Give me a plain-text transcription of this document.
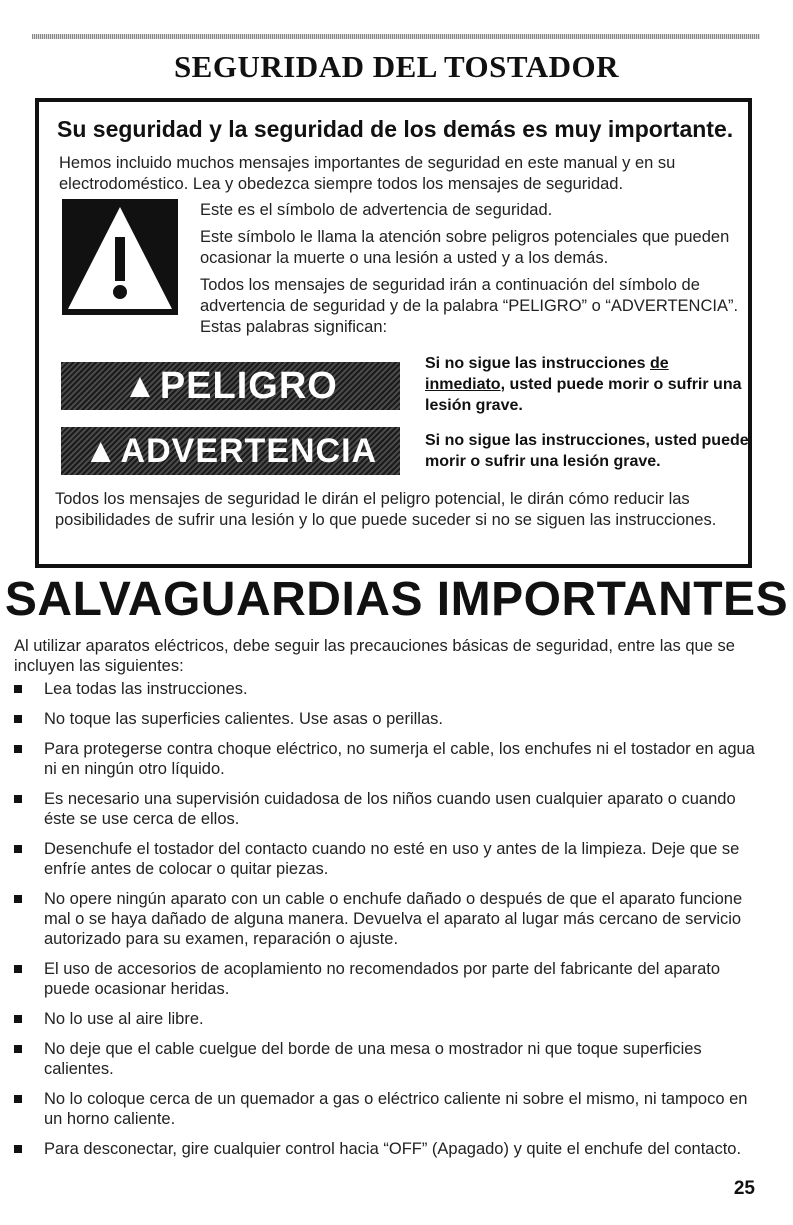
SEGURIDAD DEL TOSTADOR
Su seguridad y la seguridad de los demás es muy importante.
Hemos incluido muchos mensajes importantes de seguridad en este manual y en su electrodoméstico. Lea y obedezca siempre todos los mensajes de seguridad.
Este es el símbolo de advertencia de seguridad.
Este símbolo le llama la atención sobre peligros potenciales que pueden ocasionar la muerte o una lesión a usted y a los demás.
Todos los mensajes de seguridad irán a continuación del símbolo de advertencia de seguridad y de la palabra “PELIGRO” o “ADVERTENCIA”. Estas palabras significan:
▲ PELIGRO
Si no sigue las instrucciones de inmediato, usted puede morir o sufrir una lesión grave.
▲ ADVERTENCIA	Si no sigue las instrucciones, usted puede morir o sufrir una lesión grave.
Todos los mensajes de seguridad le dirán el peligro potencial, le dirán cómo reducir las posibilidades de sufrir una lesión y lo que puede suceder si no se siguen las instrucciones.
SALVAGUARDIAS IMPORTANTES
Al utilizar aparatos eléctricos, debe seguir las precauciones básicas de seguridad, entre las que se incluyen las siguientes:
Lea todas las instrucciones.
No toque las superficies calientes. Use asas o perillas.
Para protegerse contra choque eléctrico, no sumerja el cable, los enchufes ni el tostador en agua ni en ningún otro líquido.
Es necesario una supervisión cuidadosa de los niños cuando usen cualquier aparato o cuando éste se use cerca de ellos.
Desenchufe el tostador del contacto cuando no esté en uso y antes de la limpieza. Deje que se enfríe antes de colocar o quitar piezas.
No opere ningún aparato con un cable o enchufe dañado o después de que el aparato funcione mal o se haya dañado de alguna manera. Devuelva el aparato al lugar más cercano de servicio autorizado para su examen, reparación o ajuste.
El uso de accesorios de acoplamiento no recomendados por parte del fabricante del aparato puede ocasionar heridas.
No lo use al aire libre.
No deje que el cable cuelgue del borde de una mesa o mostrador ni que toque superficies calientes.
No lo coloque cerca de un quemador a gas o eléctrico caliente ni sobre el mismo, ni tampoco en un horno caliente.
Para desconectar, gire cualquier control hacia “OFF” (Apagado) y quite el enchufe del contacto.
25
